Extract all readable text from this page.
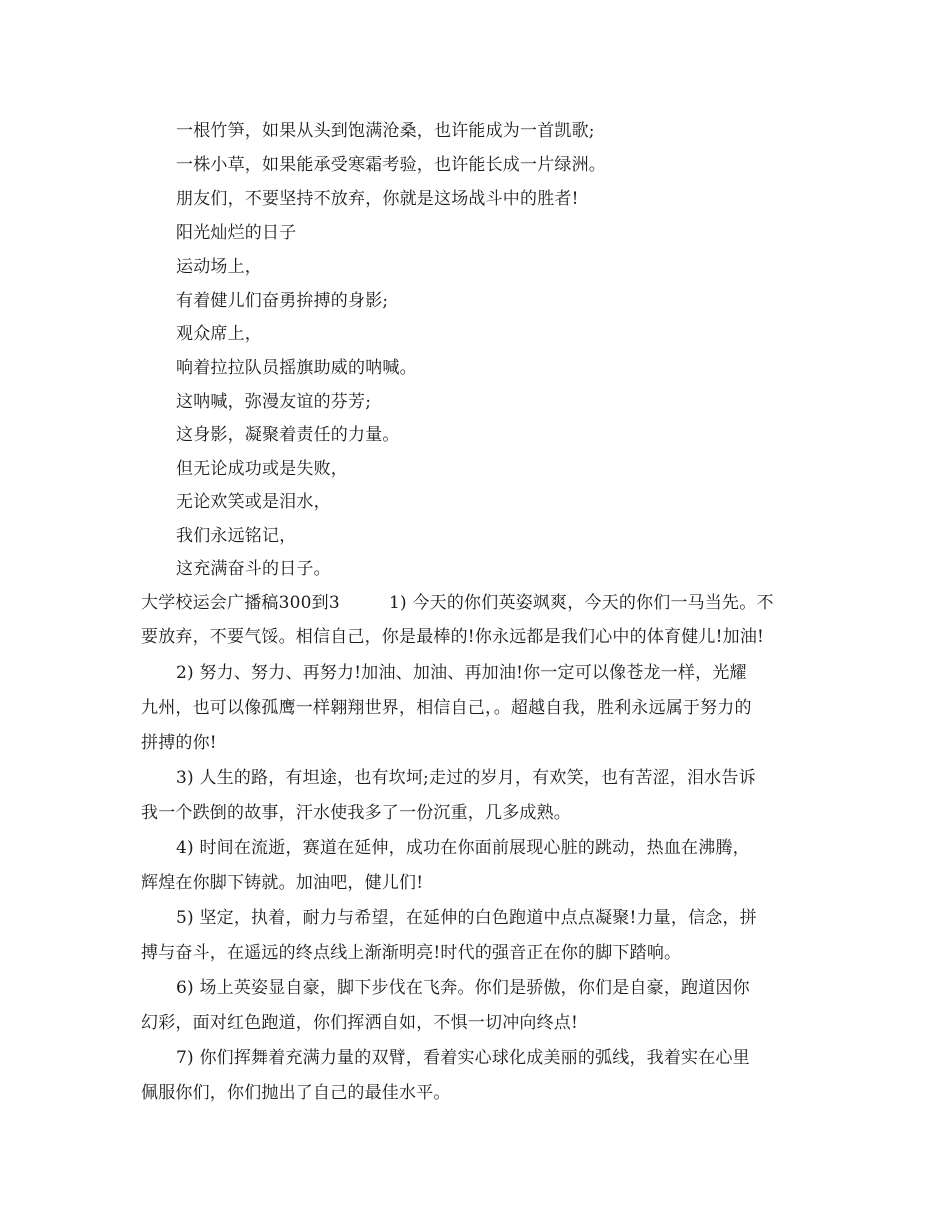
一根竹笋，如果从头到饱满沧桑，也许能成为一首凯歌;
一株小草，如果能承受寒霜考验，也许能长成一片绿洲。
朋友们，不要坚持不放弃，你就是这场战斗中的胜者!
阳光灿烂的日子
运动场上，
有着健儿们奋勇拚搏的身影;
观众席上，
响着拉拉队员摇旗助威的呐喊。
这呐喊，弥漫友谊的芬芳;
这身影，凝聚着责任的力量。
但无论成功或是失败，
无论欢笑或是泪水，
我们永远铭记，
这充满奋斗的日子。
大学校运会广播稿300到3	1) 今天的你们英姿飒爽，今天的你们一马当先。不
要放弃，不要气馁。相信自己，你是最棒的!你永远都是我们心中的体育健儿!加油!
2) 努力、努力、再努力!加油、加油、再加油!你一定可以像苍龙一样，光耀
九州，也可以像孤鹰一样翱翔世界，相信自己，。超越自我，胜利永远属于努力的
拼搏的你!
3) 人生的路，有坦途，也有坎坷;走过的岁月，有欢笑，也有苦涩，泪水告诉
我一个跌倒的故事，汗水使我多了一份沉重，几多成熟。
4) 时间在流逝，赛道在延伸，成功在你面前展现心脏的跳动，热血在沸腾，
辉煌在你脚下铸就。加油吧，健儿们!
5) 坚定，执着，耐力与希望，在延伸的白色跑道中点点凝聚!力量，信念，拼
搏与奋斗，在遥远的终点线上渐渐明亮!时代的强音正在你的脚下踏响。
6) 场上英姿显自豪，脚下步伐在飞奔。你们是骄傲，你们是自豪，跑道因你
幻彩，面对红色跑道，你们挥洒自如，不惧一切冲向终点!
7) 你们挥舞着充满力量的双臂，看着实心球化成美丽的弧线，我着实在心里
佩服你们，你们抛出了自己的最佳水平。
